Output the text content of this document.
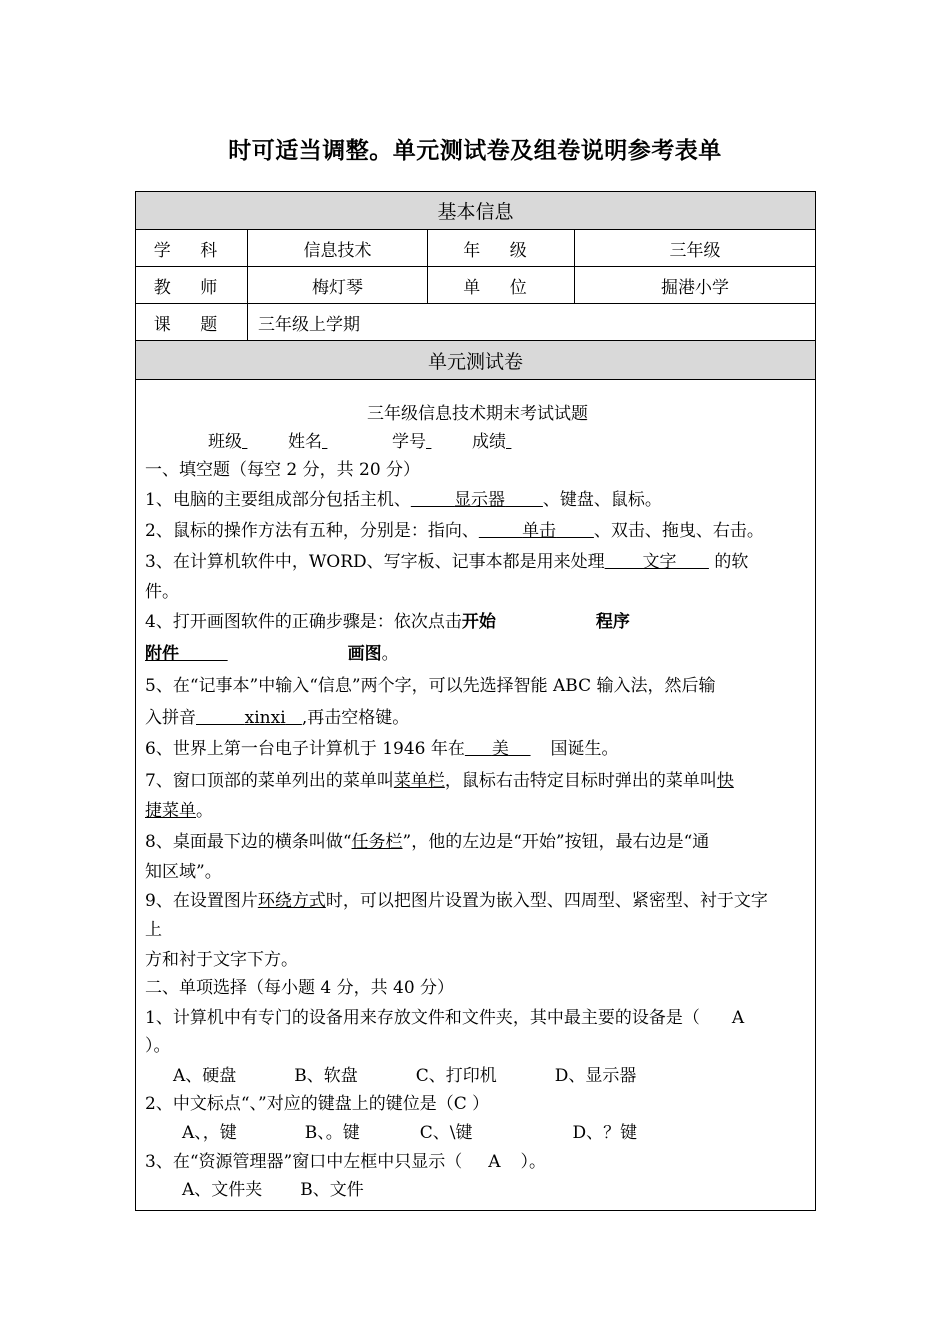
时可适当调整。单元测试卷及组卷说明参考表单
基本信息			
学 科	信息技术	年 级	三年级
教 师	梅灯琴	单 位	掘港小学
课 题	三年级上学期		
单元测试卷			
三年级信息技术期末考试试题
班级	姓名	学号	成绩
一、填空题（每空 2 分，共 20 分）
1、电脑的主要组成部分包括主机、	显示器 、键盘、鼠标。
2、鼠标的操作方法有五种，分别是：指向、	单击 、双击、拖曳、右击。
3、在计算机软件中，WORD、写字板、记事本都是用来处理 文字 的软
件。
4、打开画图软件的正确步骤是：依次点击开始	程序
附件	画图。
5、在“记事本”中输入“信息”两个字，可以先选择智能 ABC 输入法，然后输
入拼音	xinxi ,再击空格键。
6、世界上第一台电子计算机于 1946 年在 美 国诞生。
7、窗口顶部的菜单列出的菜单叫菜单栏，鼠标右击特定目标时弹出的菜单叫快
捷菜单。
8、桌面最下边的横条叫做“任务栏”，他的左边是“开始”按钮，最右边是“通
知区域”。
9、在设置图片环绕方式时，可以把图片设置为嵌入型、四周型、紧密型、衬于文字
上
方和衬于文字下方。
二、单项选择（每小题 4 分，共 40 分）
1、计算机中有专门的设备用来存放文件和文件夹，其中最主要的设备是（ A
）。
A、硬盘	B、软盘	C、打印机	D、显示器
2、中文标点“、”对应的键盘上的键位是（C ）
A、，键	B、。键	C、\键	D、？键
3、在“资源管理器”窗口中左框中只显示（ A ）。
A、文件夹 B、文件
